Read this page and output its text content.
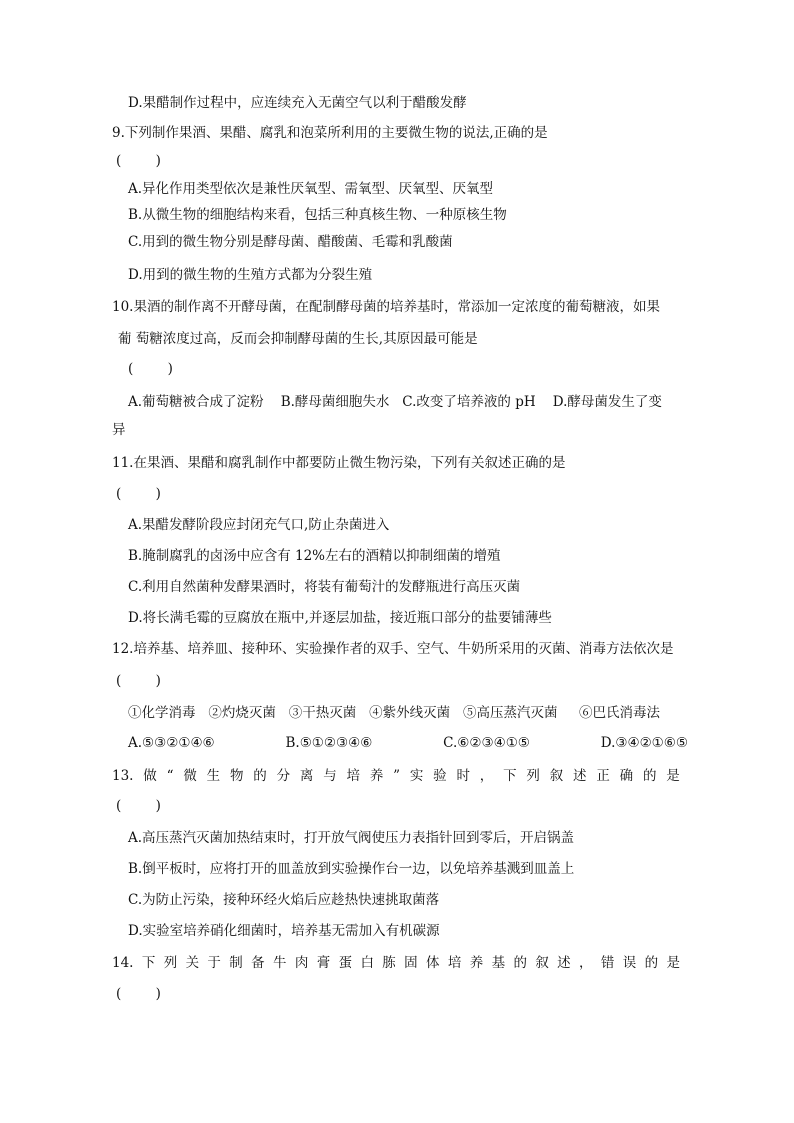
D.果醋制作过程中，应连续充入无菌空气以利于醋酸发酵
9.下列制作果酒、果醋、腐乳和泡菜所利用的主要微生物的说法,正确的是
(        )
A.异化作用类型依次是兼性厌氧型、需氧型、厌氧型、厌氧型
B.从微生物的细胞结构来看，包括三种真核生物、一种原核生物
C.用到的微生物分别是酵母菌、醋酸菌、毛霉和乳酸菌
D.用到的微生物的生殖方式都为分裂生殖
10.果酒的制作离不开酵母菌，在配制酵母菌的培养基时，常添加一定浓度的葡萄糖液，如果
葡 萄糖浓度过高，反而会抑制酵母菌的生长,其原因最可能是
(        )
A.葡萄糖被合成了淀粉    B.酵母菌细胞失水   C.改变了培养液的 pH    D.酵母菌发生了变
异
11.在果酒、果醋和腐乳制作中都要防止微生物污染，下列有关叙述正确的是
(        )
A.果醋发酵阶段应封闭充气口,防止杂菌进入
B.腌制腐乳的卤汤中应含有 12%左右的酒精以抑制细菌的增殖
C.利用自然菌种发酵果酒时，将装有葡萄汁的发酵瓶进行高压灭菌
D.将长满毛霉的豆腐放在瓶中,并逐层加盐，接近瓶口部分的盐要铺薄些
12.培养基、培养皿、接种环、实验操作者的双手、空气、牛奶所采用的灭菌、消毒方法依次是
(        )
①化学消毒   ②灼烧灭菌   ③干热灭菌   ④紫外线灭菌   ⑤高压蒸汽灭菌     ⑥巴氏消毒法
A.⑤③②①④⑥	B.⑤①②③④⑥	C.⑥②③④①⑤	D.③④②①⑥⑤
13. 做 “ 微 生 物 的 分 离 与 培 养 ” 实 验 时 ， 下 列 叙 述 正 确 的 是
(        )
A.高压蒸汽灭菌加热结束时，打开放气阀使压力表指针回到零后，开启锅盖
B.倒平板时，应将打开的皿盖放到实验操作台一边，以免培养基溅到皿盖上
C.为防止污染，接种环经火焰后应趁热快速挑取菌落
D.实验室培养硝化细菌时，培养基无需加入有机碳源
14. 下 列 关 于 制 备 牛 肉 膏 蛋 白 胨 固 体 培 养 基 的 叙 述 ， 错 误 的 是
(        )
